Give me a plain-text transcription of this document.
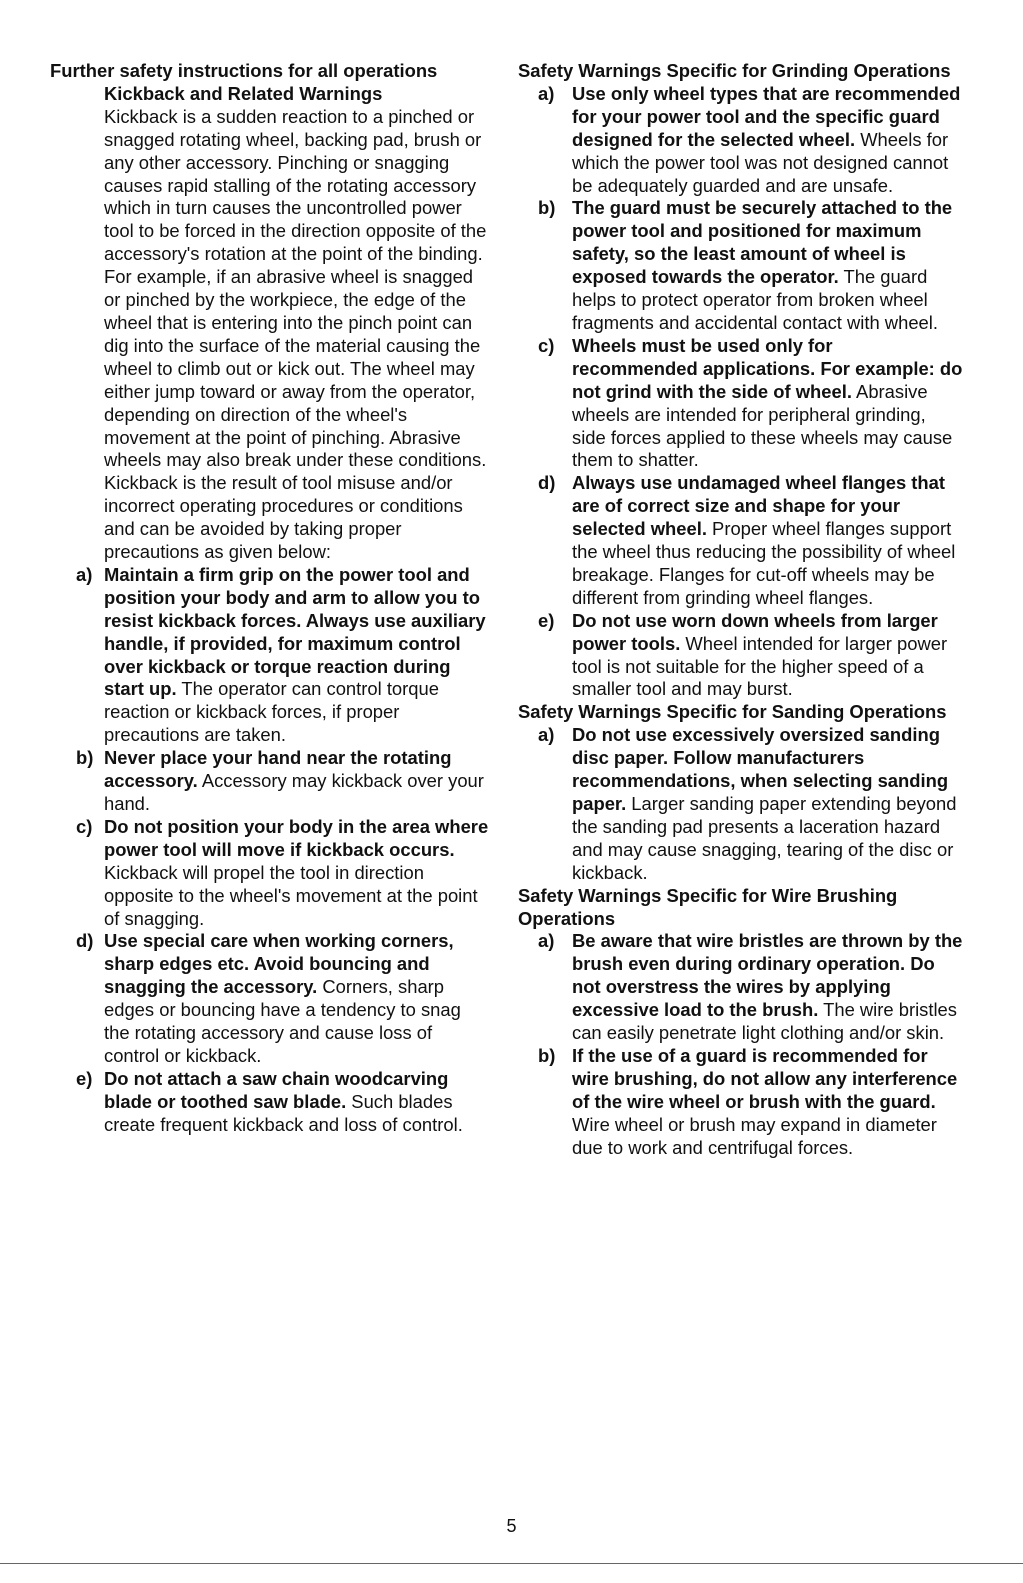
Further safety instructions for all operations
Kickback and Related Warnings
Kickback is a sudden reaction to a pinched or snagged rotating wheel, backing pad, brush or any other accessory. Pinching or snagging causes rapid stalling of the rotating accessory which in turn causes the uncontrolled power tool to be forced in the direction opposite of the accessory's rotation at the point of the binding.
For example, if an abrasive wheel is snagged or pinched by the workpiece, the edge of the wheel that is entering into the pinch point can dig into the surface of the material causing the wheel to climb out or kick out. The wheel may either jump toward or away from the operator, depending on direction of the wheel's movement at the point of pinching. Abrasive wheels may also break under these conditions.
Kickback is the result of tool misuse and/or incorrect operating procedures or conditions and can be avoided by taking proper precautions as given below:
a) Maintain a firm grip on the power tool and position your body and arm to allow you to resist kickback forces. Always use auxiliary handle, if provided, for maximum control over kickback or torque reaction during start up. The operator can control torque reaction or kickback forces, if proper precautions are taken.
b) Never place your hand near the rotating accessory. Accessory may kickback over your hand.
c) Do not position your body in the area where power tool will move if kickback occurs. Kickback will propel the tool in direction opposite to the wheel's movement at the point of snagging.
d) Use special care when working corners, sharp edges etc. Avoid bouncing and snagging the accessory. Corners, sharp edges or bouncing have a tendency to snag the rotating accessory and cause loss of control or kickback.
e) Do not attach a saw chain woodcarving blade or toothed saw blade. Such blades create frequent kickback and loss of control.
Safety Warnings Specific for Grinding Operations
a) Use only wheel types that are recommended for your power tool and the specific guard designed for the selected wheel. Wheels for which the power tool was not designed cannot be adequately guarded and are unsafe.
b) The guard must be securely attached to the power tool and positioned for maximum safety, so the least amount of wheel is exposed towards the operator. The guard helps to protect operator from broken wheel fragments and accidental contact with wheel.
c) Wheels must be used only for recommended applications. For example: do not grind with the side of wheel. Abrasive wheels are intended for peripheral grinding, side forces applied to these wheels may cause them to shatter.
d) Always use undamaged wheel flanges that are of correct size and shape for your selected wheel. Proper wheel flanges support the wheel thus reducing the possibility of wheel breakage. Flanges for cut-off wheels may be different from grinding wheel flanges.
e) Do not use worn down wheels from larger power tools. Wheel intended for larger power tool is not suitable for the higher speed of a smaller tool and may burst.
Safety Warnings Specific for Sanding Operations
a) Do not use excessively oversized sanding disc paper. Follow manufacturers recommendations, when selecting sanding paper. Larger sanding paper extending beyond the sanding pad presents a laceration hazard and may cause snagging, tearing of the disc or kickback.
Safety Warnings Specific for Wire Brushing Operations
a) Be aware that wire bristles are thrown by the brush even during ordinary operation. Do not overstress the wires by applying excessive load to the brush. The wire bristles can easily penetrate light clothing and/or skin.
b) If the use of a guard is recommended for wire brushing, do not allow any interference of the wire wheel or brush with the guard. Wire wheel or brush may expand in diameter due to work and centrifugal forces.
5
